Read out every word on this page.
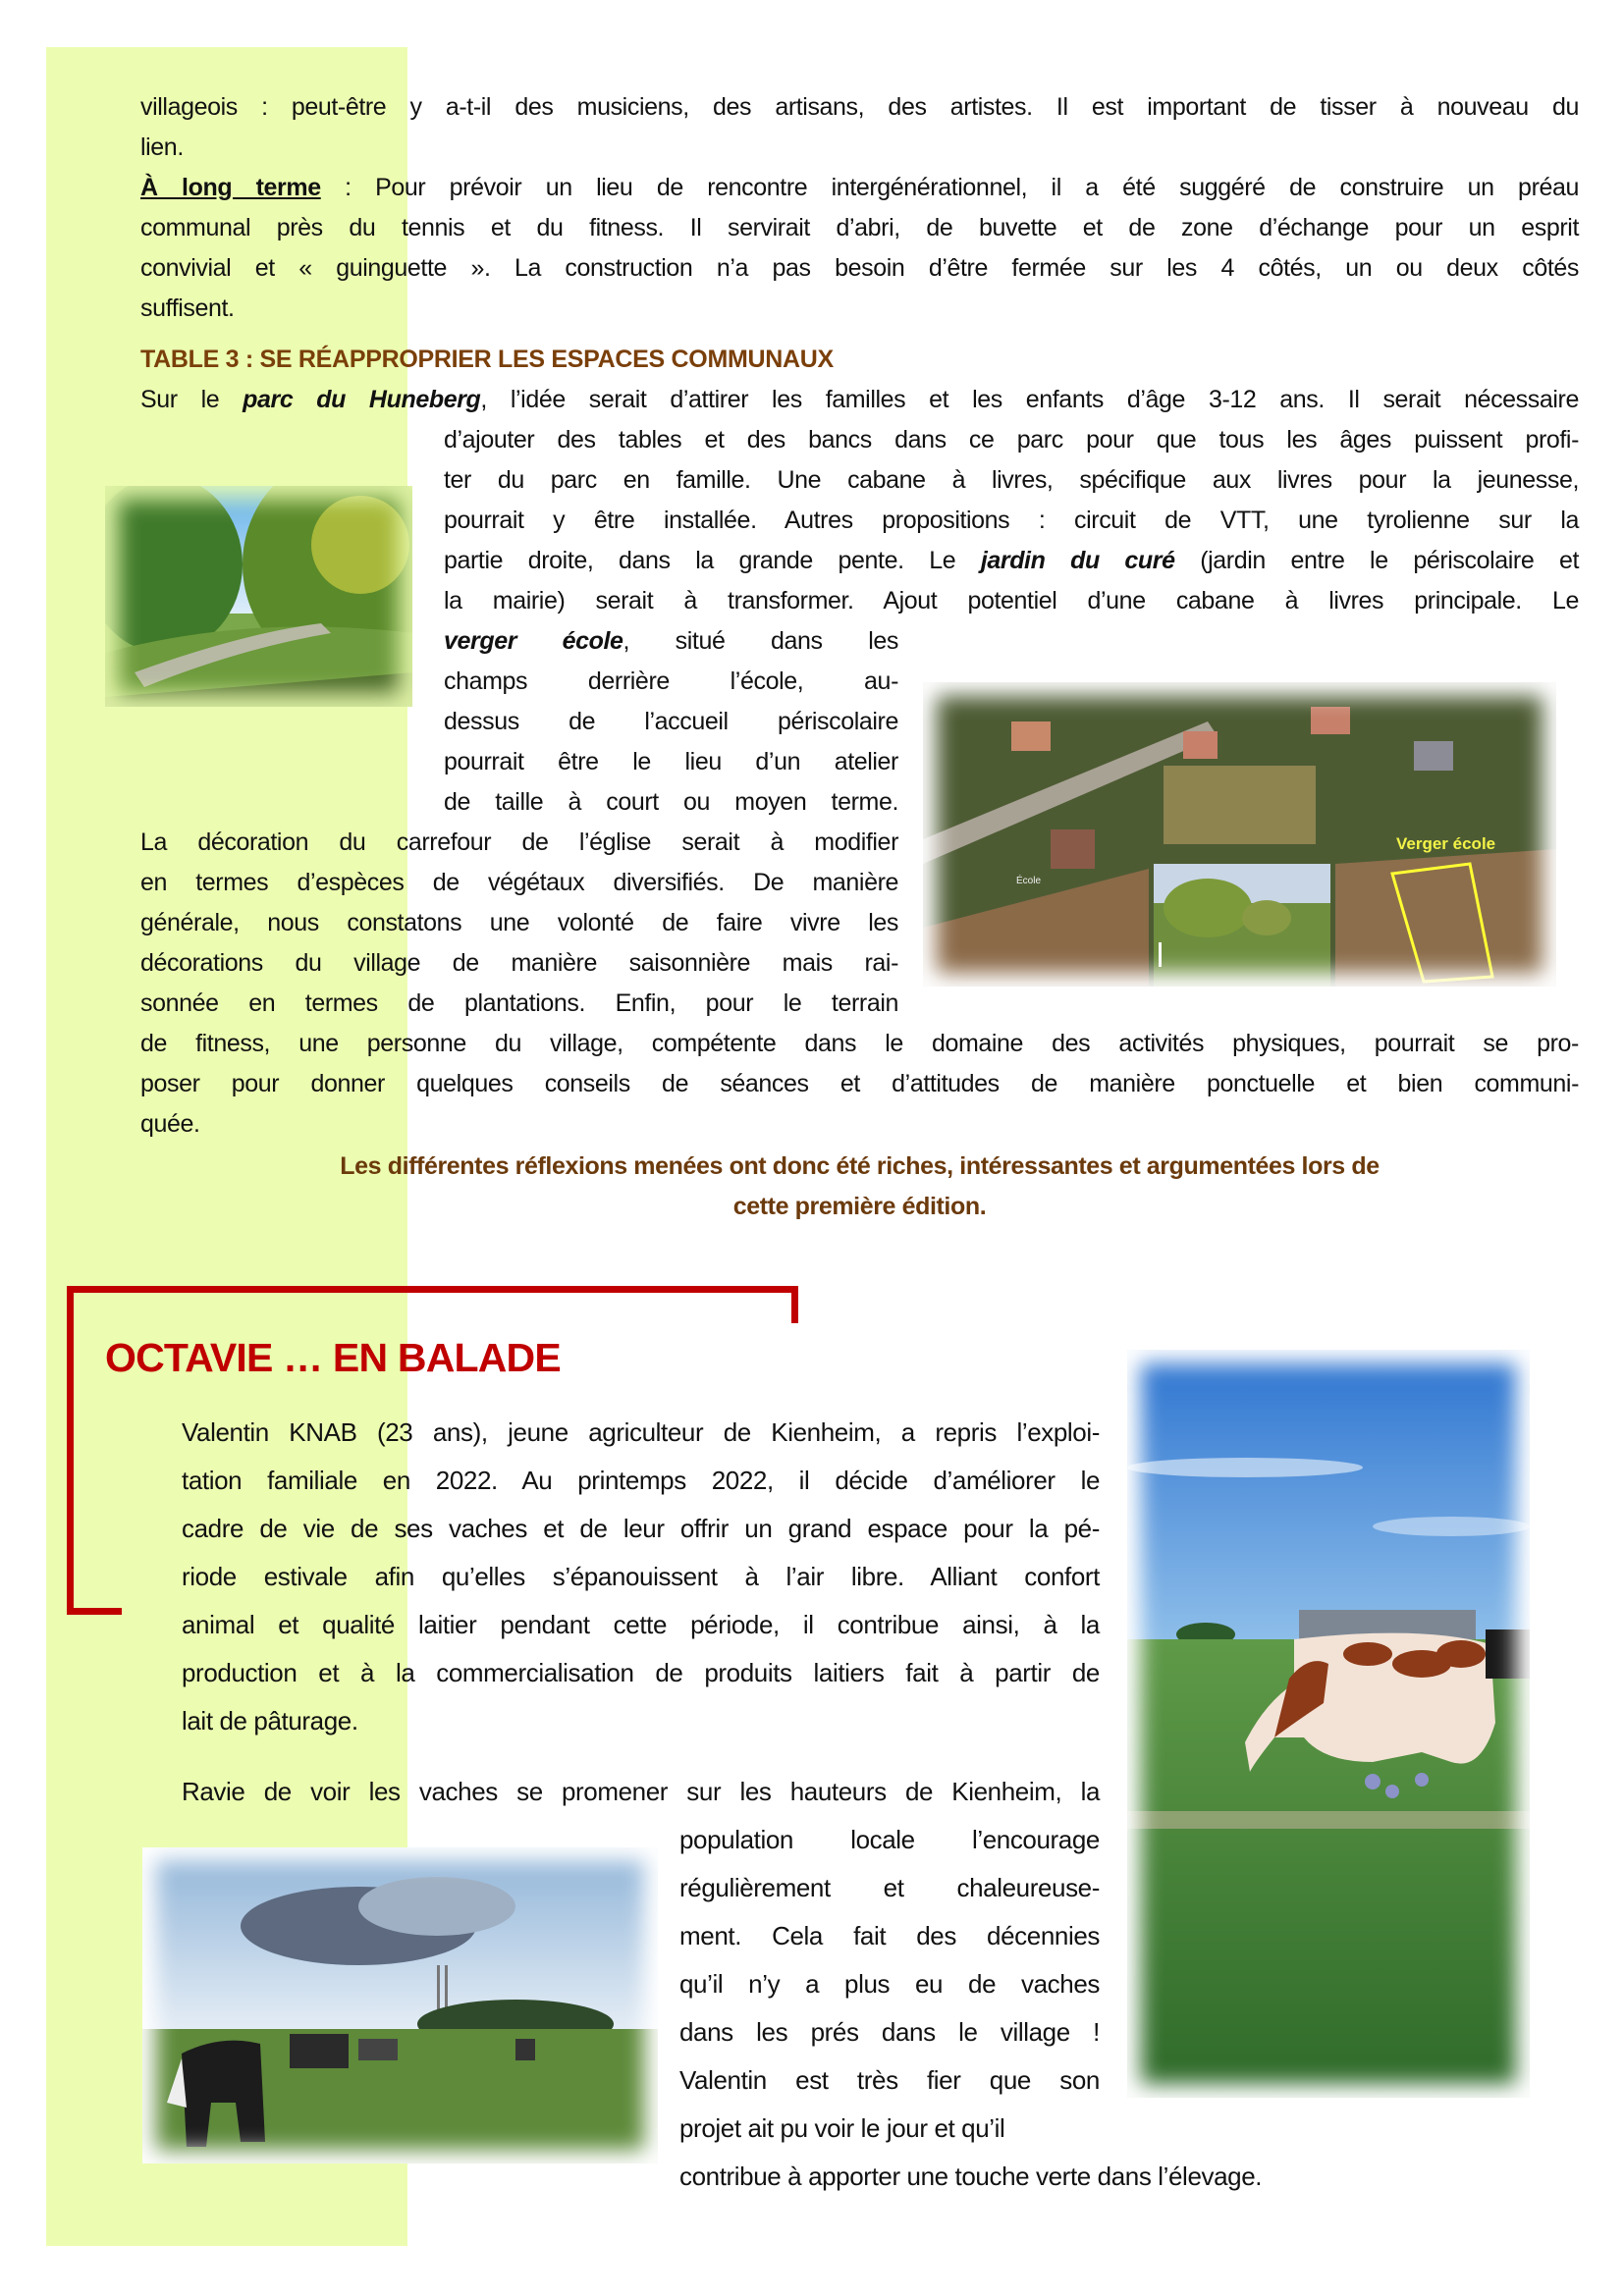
villageois : peut-être y a-t-il des musiciens, des artisans, des artistes. Il est important de tisser à nouveau du
lien.
À long terme : Pour prévoir un lieu de rencontre intergénérationnel, il a été suggéré de construire un préau
communal près du tennis et du fitness. Il servirait d’abri, de buvette et de zone d’échange pour un esprit
convivial et « guinguette ». La construction n’a pas besoin d’être fermée sur les 4 côtés, un ou deux côtés
suffisent.
TABLE 3 : SE RÉAPPROPRIER LES ESPACES COMMUNAUX
Sur le parc du Huneberg, l’idée serait d’attirer les familles et les enfants d’âge 3-12 ans. Il serait nécessaire
d’ajouter des tables et des bancs dans ce parc pour que tous les âges puissent profi-
ter du parc en famille. Une cabane à livres, spécifique aux livres pour la jeunesse,
pourrait y être installée. Autres propositions : circuit de VTT, une tyrolienne sur la
partie droite, dans la grande pente. Le jardin du curé (jardin entre le périscolaire et
la mairie) serait à transformer. Ajout potentiel d’une cabane à livres principale. Le
verger école, situé dans les
champs derrière l’école, au-
dessus de l’accueil périscolaire
pourrait être le lieu d’un atelier
de taille à court ou moyen terme.
La décoration du carrefour de l’église serait à modifier
en termes d’espèces de végétaux diversifiés. De manière
générale, nous constatons une volonté de faire vivre les
décorations du village de manière saisonnière mais rai-
sonnée en termes de plantations. Enfin, pour le terrain
de fitness, une personne du village, compétente dans le domaine des activités physiques, pourrait se pro-
poser pour donner quelques conseils de séances et d’attitudes de manière ponctuelle et bien communi-
quée.
Les différentes réflexions menées ont donc été riches, intéressantes et argumentées lors de
cette première édition.
Verger école
École
OCTAVIE … EN BALADE
Valentin KNAB (23 ans), jeune agriculteur de Kienheim, a repris l’exploi-
tation familiale en 2022. Au printemps 2022, il décide d’améliorer le
cadre de vie de ses vaches et de leur offrir un grand espace pour la pé-
riode estivale afin qu’elles s’épanouissent à l’air libre. Alliant confort
animal et qualité laitier pendant cette période, il contribue ainsi, à la
production et à la commercialisation de produits laitiers fait à partir de
lait de pâturage.
Ravie de voir les vaches se promener sur les hauteurs de Kienheim, la
population locale l’encourage
régulièrement et chaleureuse-
ment. Cela fait des décennies
qu’il n’y a plus eu de vaches
dans les prés dans le village !
Valentin est très fier que son
projet ait pu voir le jour et qu’il
contribue à apporter une touche verte dans l’élevage.
